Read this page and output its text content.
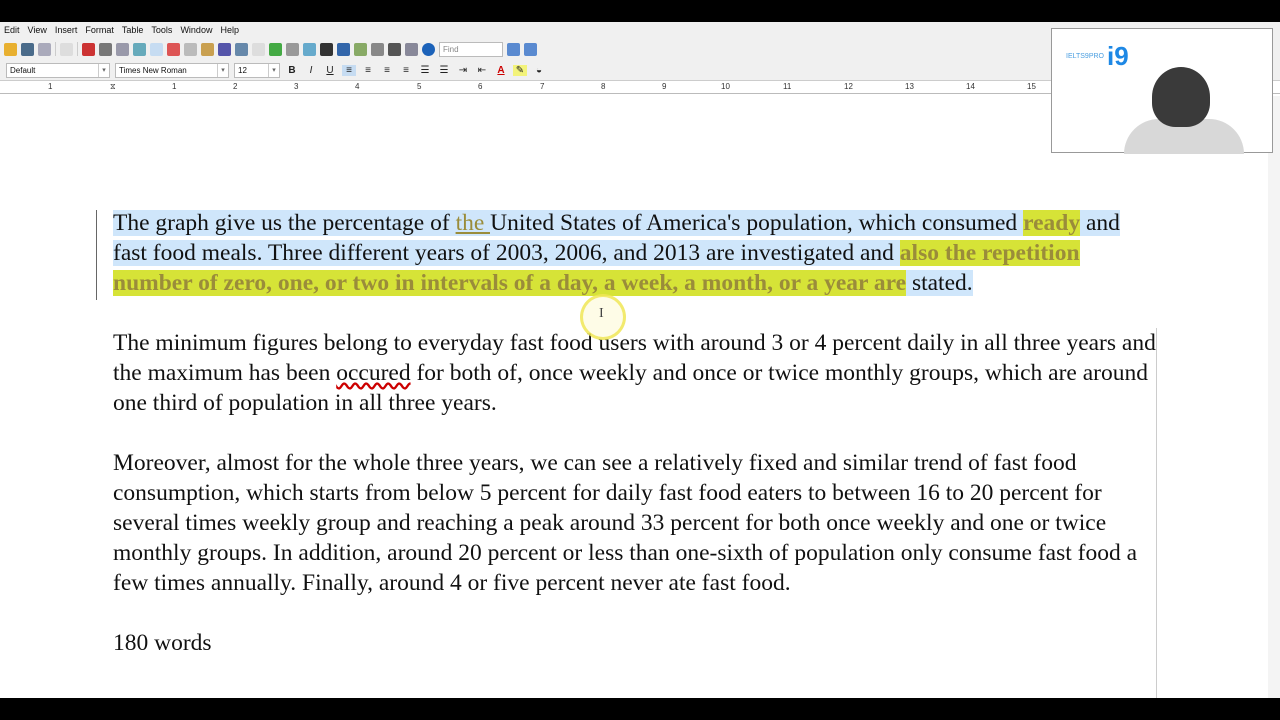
Edit View Insert Format Table Tools Window Help
Find
Default	▾	Times New Roman	▾	12	▾	B	I	U	≡	≡	≡	≡	☰ ☰ ⇥ ⇤	A	✎	◒
1	⧖	1	2	3	4	5	6	7	8	9	10	11	12	13	14	15

The graph give us the percentage of the United States of America's population, which consumed ready and fast food meals. Three different years of 2003, 2006, and 2013 are investigated and also the repetition number of zero, one, or two in intervals of a day, a week, a month, or a year are stated.

The minimum figures belong to everyday fast food users with around 3 or 4 percent daily in all three years and the maximum has been occured for both of, once weekly and once or twice monthly groups, which are around one third of population in all three years.

Moreover, almost for the whole three years, we can see a relatively fixed and similar trend of fast food consumption, which starts from below 5 percent for daily fast food eaters to between 16 to 20 percent for several times weekly group and reaching a peak around 33 percent for both once weekly and one or twice monthly groups. In addition, around 20 percent or less than one-sixth of population only consume fast food a few times annually. Finally, around 4 or five percent never ate fast food.

180 words

I
IELTS9PRO i9
